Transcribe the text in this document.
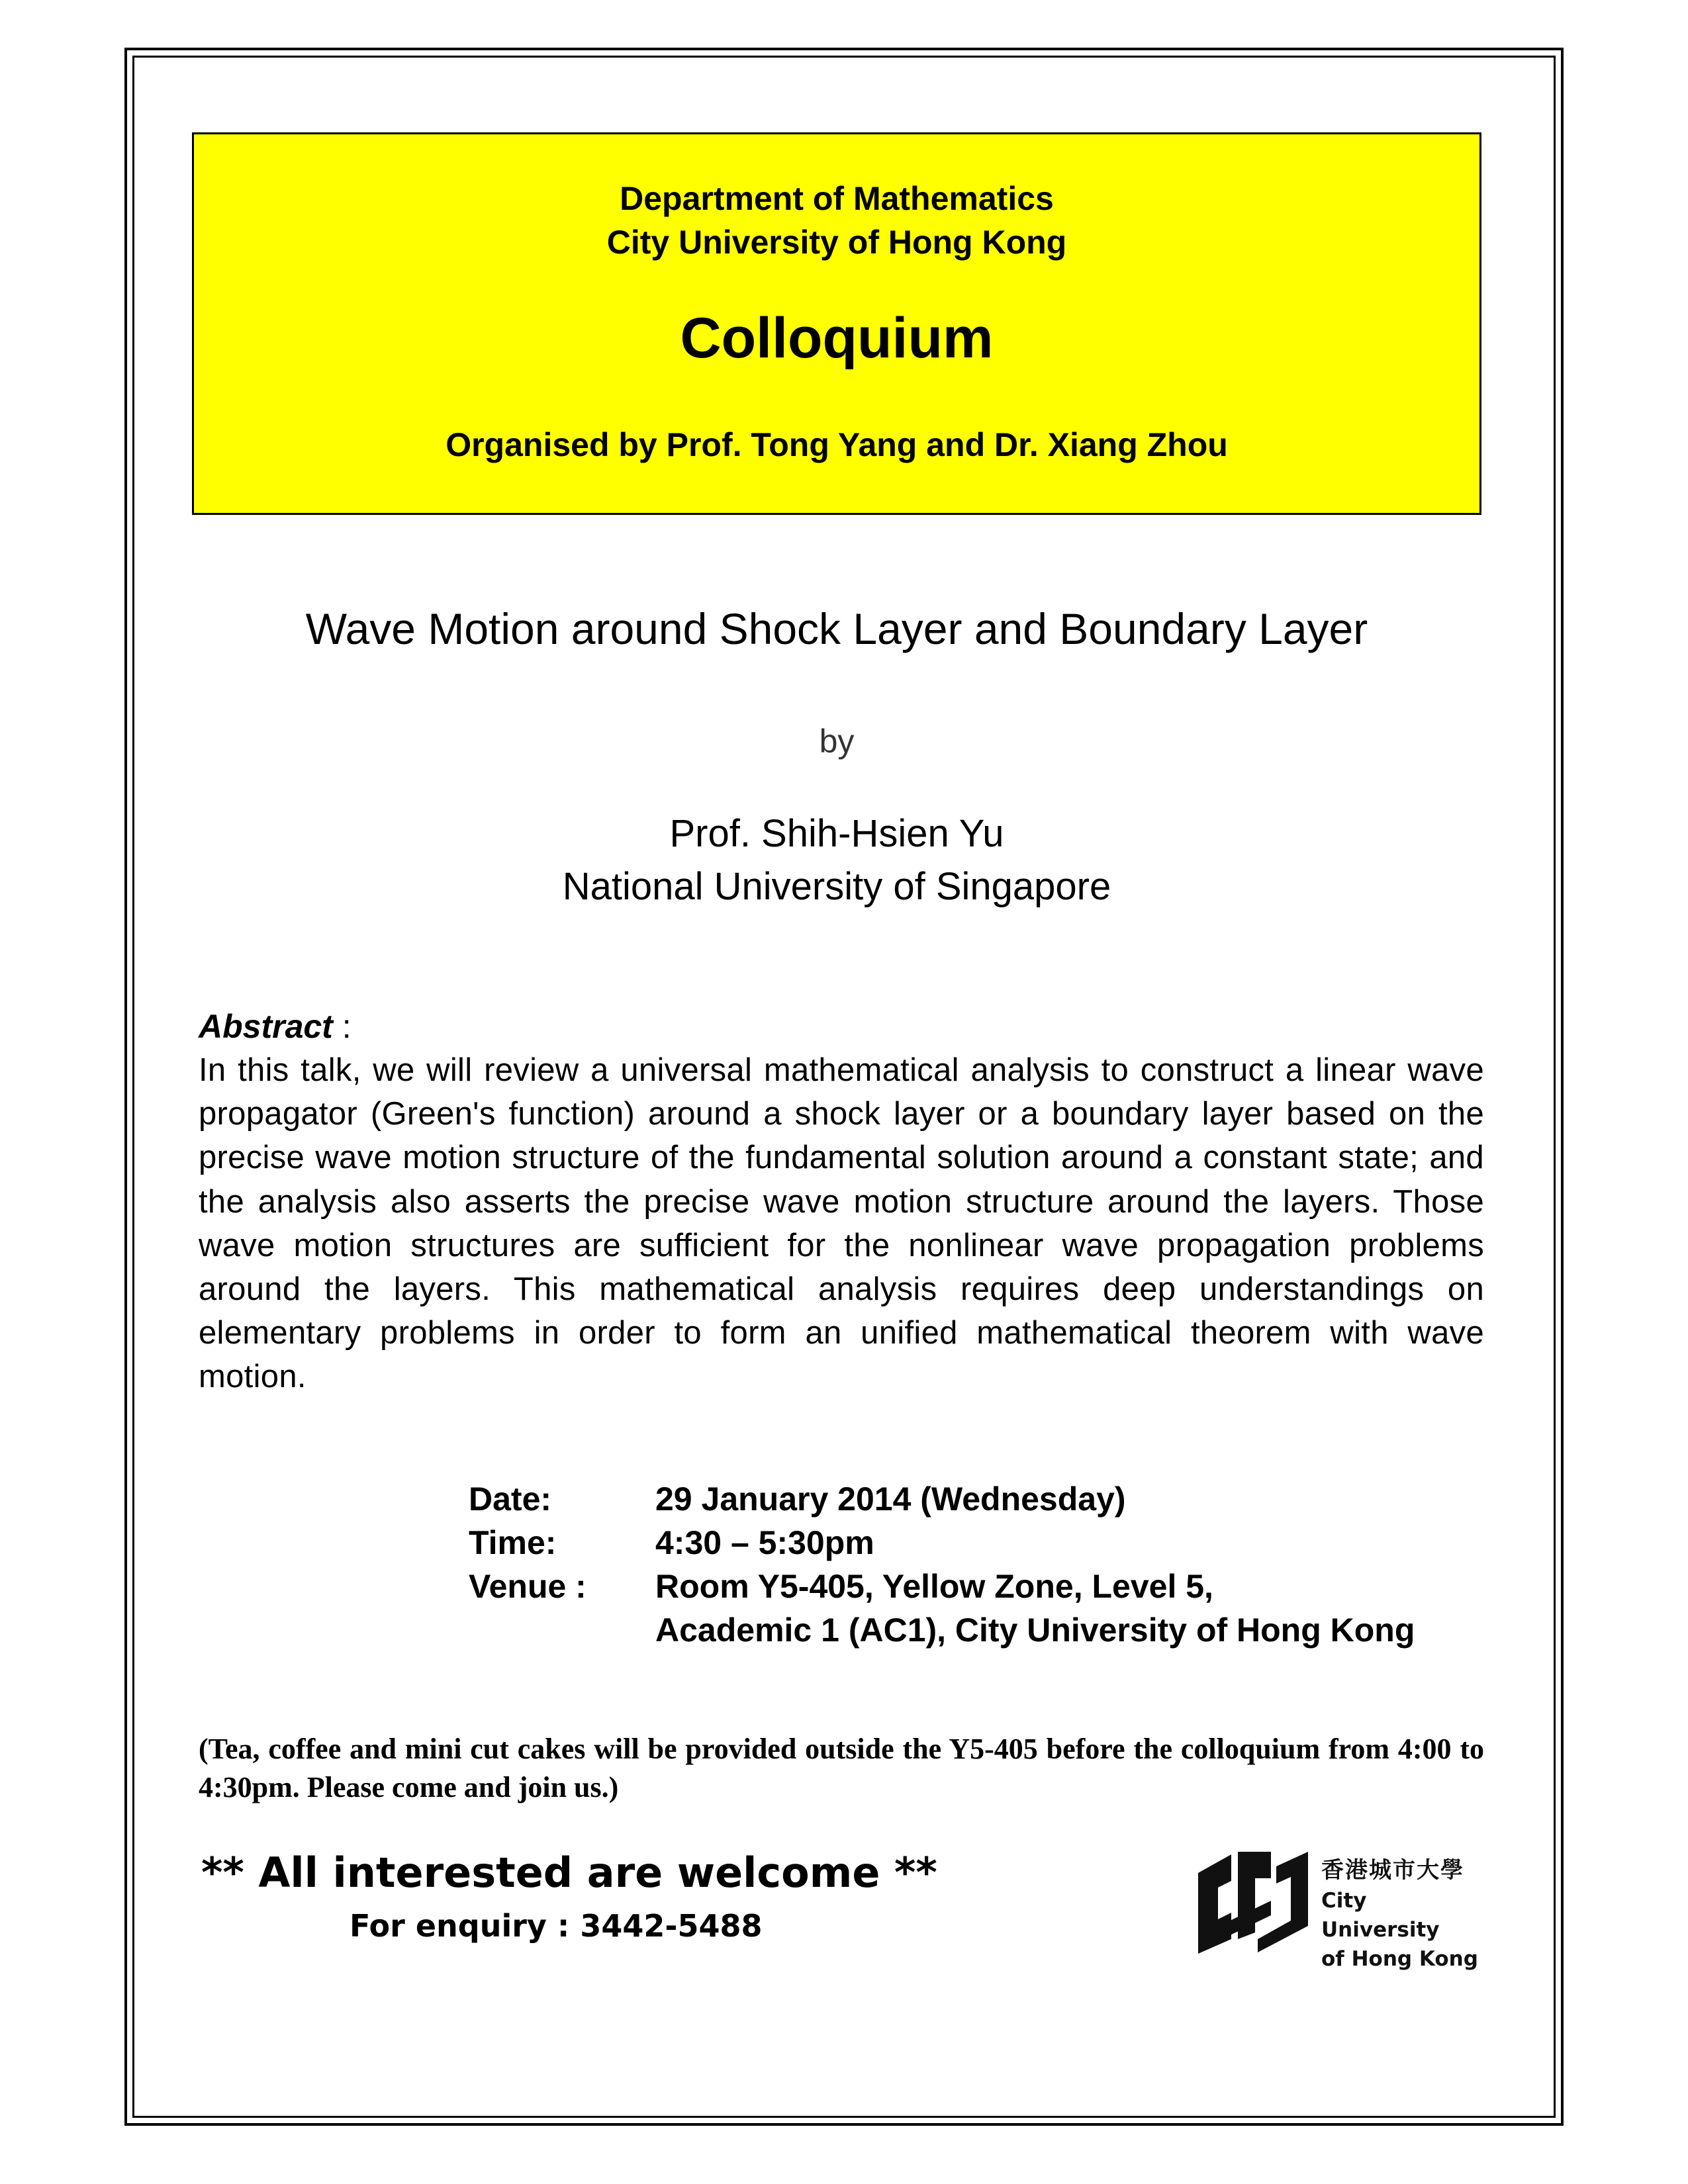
Department of Mathematics
City University of Hong Kong
Colloquium
Organised by Prof. Tong Yang and Dr. Xiang Zhou
Wave Motion around Shock Layer and Boundary Layer
by
Prof. Shih-Hsien Yu
National University of Singapore
Abstract :
In this talk, we will review a universal mathematical analysis to construct a linear wave propagator (Green's function) around a shock layer or a boundary layer based on the precise wave motion structure of the fundamental solution around a constant state; and the analysis also asserts the precise wave motion structure around the layers. Those wave motion structures are sufficient for the nonlinear wave propagation problems around the layers. This mathematical analysis requires deep understandings on elementary problems in order to form an unified mathematical theorem with wave motion.
Date:	29 January 2014 (Wednesday)
Time:	4:30 – 5:30pm
Venue :	Room Y5-405, Yellow Zone, Level 5,
Academic 1 (AC1), City University of Hong Kong
(Tea, coffee and mini cut cakes will be provided outside the Y5-405 before the colloquium from 4:00 to 4:30pm. Please come and join us.)
** All interested are welcome **
For enquiry : 3442-5488
香港城市大學
City University
of Hong Kong
